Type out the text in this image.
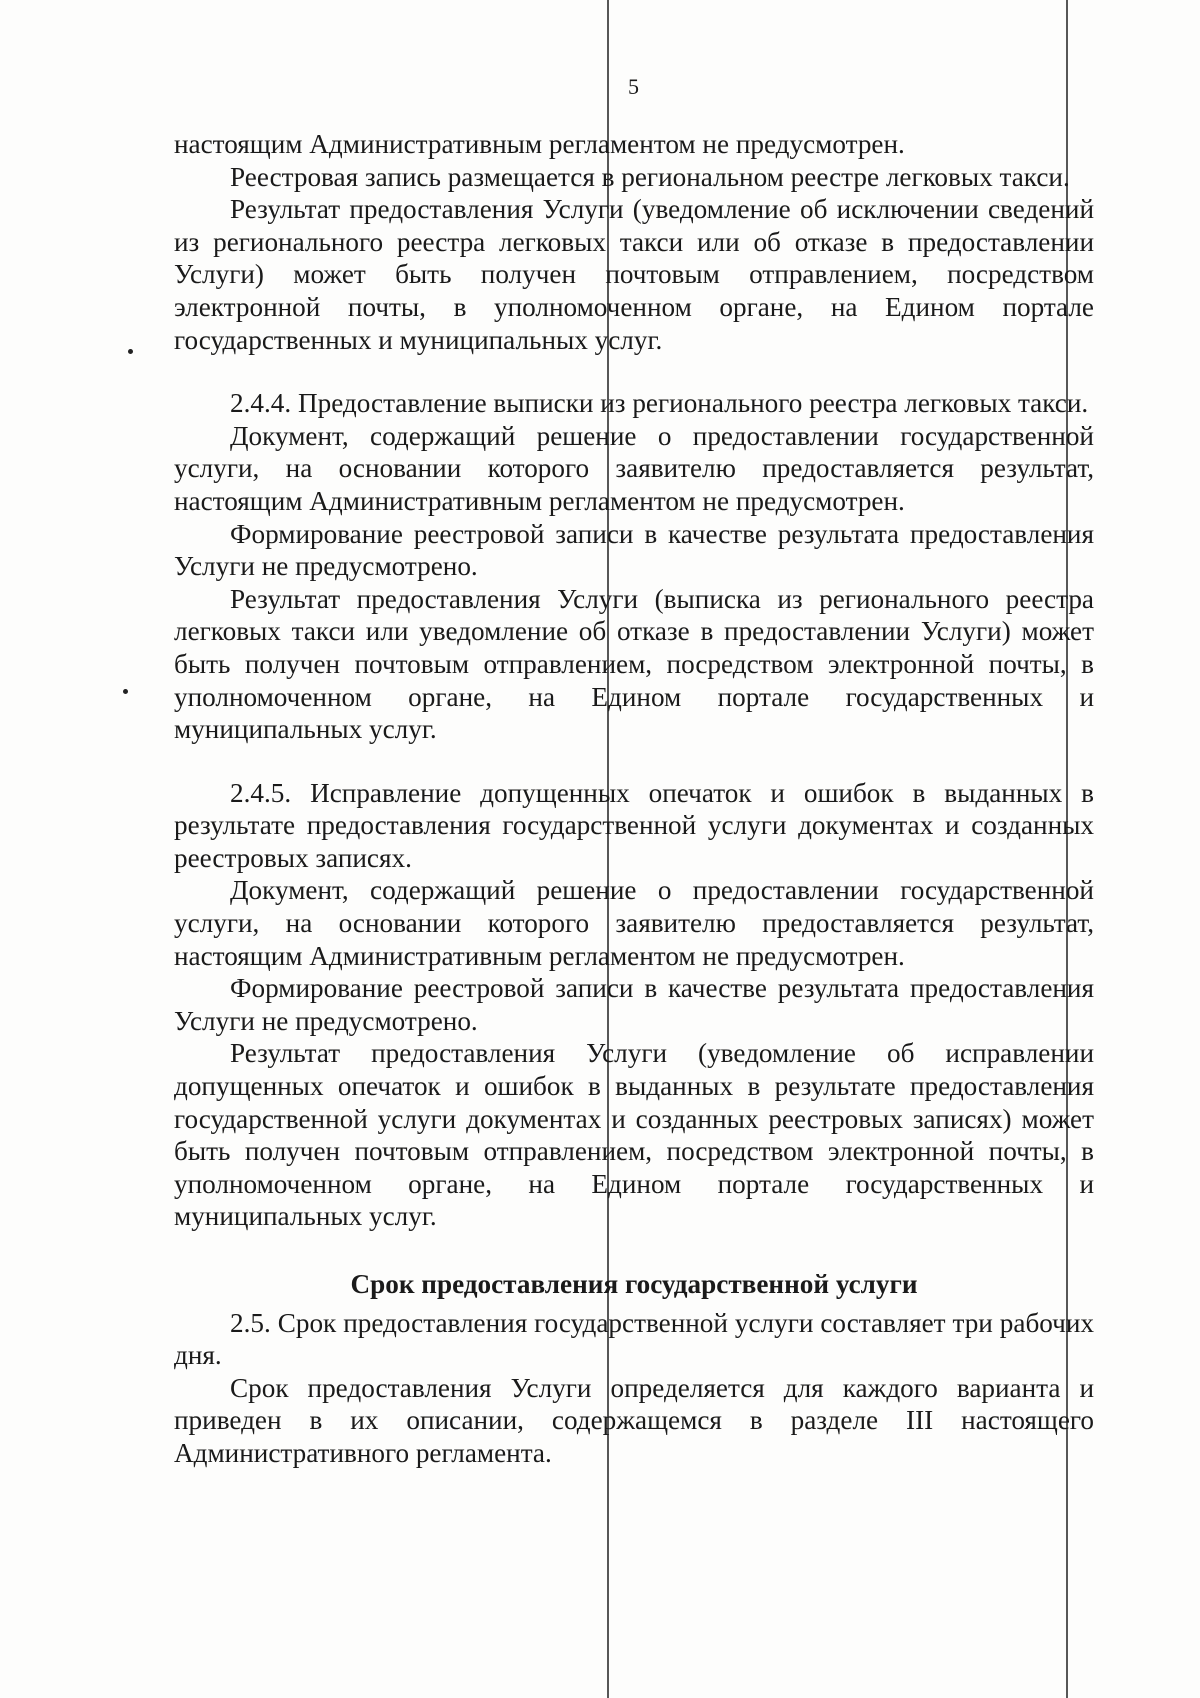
5

настоящим Административным регламентом не предусмотрен.

Реестровая запись размещается в региональном реестре легковых такси.

Результат предоставления Услуги (уведомление об исключении сведений из регионального реестра легковых такси или об отказе в предоставлении Услуги) может быть получен почтовым отправлением, посредством электронной почты, в уполномоченном органе, на Едином портале государственных и муниципальных услуг.

2.4.4. Предоставление выписки из регионального реестра легковых такси.

Документ, содержащий решение о предоставлении государственной услуги, на основании которого заявителю предоставляется результат, настоящим Административным регламентом не предусмотрен.

Формирование реестровой записи в качестве результата предоставления Услуги не предусмотрено.

Результат предоставления Услуги (выписка из регионального реестра легковых такси или уведомление об отказе в предоставлении Услуги) может быть получен почтовым отправлением, посредством электронной почты, в уполномоченном органе, на Едином портале государственных и муниципальных услуг.

2.4.5. Исправление допущенных опечаток и ошибок в выданных в результате предоставления государственной услуги документах и созданных реестровых записях.

Документ, содержащий решение о предоставлении государственной услуги, на основании которого заявителю предоставляется результат, настоящим Административным регламентом не предусмотрен.

Формирование реестровой записи в качестве результата предоставления Услуги не предусмотрено.

Результат предоставления Услуги (уведомление об исправлении допущенных опечаток и ошибок в выданных в результате предоставления государственной услуги документах и созданных реестровых записях) может быть получен почтовым отправлением, посредством электронной почты, в уполномоченном органе, на Едином портале государственных и муниципальных услуг.

Срок предоставления государственной услуги

2.5. Срок предоставления государственной услуги составляет три рабочих дня.

Срок предоставления Услуги определяется для каждого варианта и приведен в их описании, содержащемся в разделе III настоящего Административного регламента.
